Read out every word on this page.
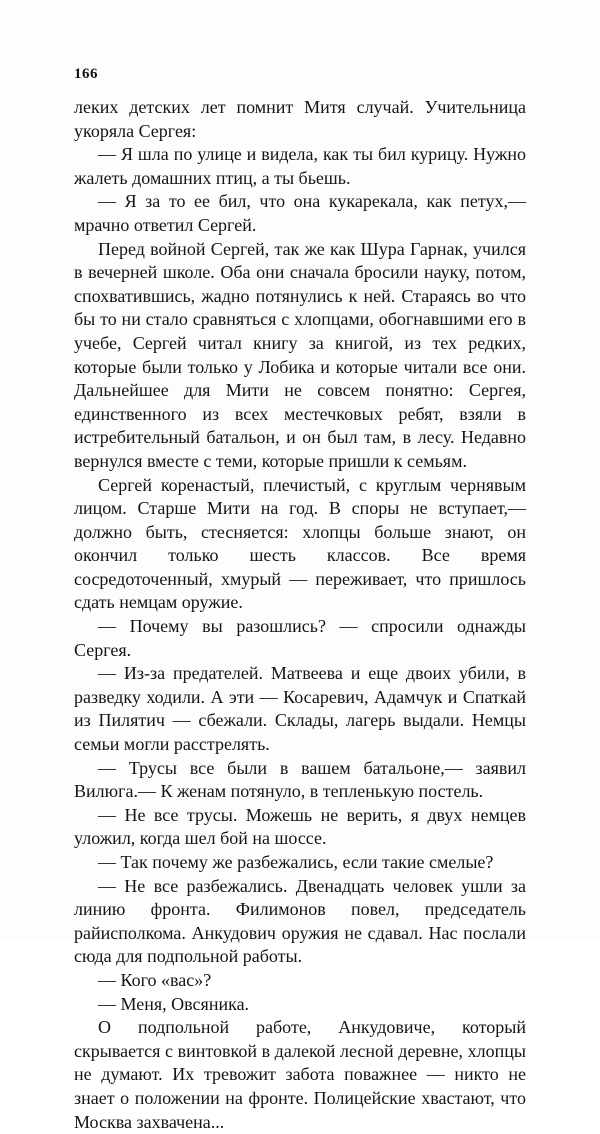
166

леких детских лет помнит Митя случай. Учительница укоряла Сергея:

— Я шла по улице и видела, как ты бил курицу. Нужно жалеть домашних птиц, а ты бьешь.

— Я за то ее бил, что она кукарекала, как петух,— мрачно ответил Сергей.

Перед войной Сергей, так же как Шура Гарнак, учился в вечерней школе. Оба они сначала бросили науку, потом, спохватившись, жадно потянулись к ней. Стараясь во что бы то ни стало сравняться с хлопцами, обогнавшими его в учебе, Сергей читал книгу за книгой, из тех редких, которые были только у Лобика и которые читали все они. Дальнейшее для Мити не совсем понятно: Сергея, единственного из всех местечковых ребят, взяли в истребительный батальон, и он был там, в лесу. Недавно вернулся вместе с теми, которые пришли к семьям.

Сергей коренастый, плечистый, с круглым чернявым лицом. Старше Мити на год. В споры не вступает,— должно быть, стесняется: хлопцы больше знают, он окончил только шесть классов. Все время сосредоточенный, хмурый — переживает, что пришлось сдать немцам оружие.

— Почему вы разошлись? — спросили однажды Сергея.

— Из-за предателей. Матвеева и еще двоих убили, в разведку ходили. А эти — Косаревич, Адамчук и Спаткай из Пилятич — сбежали. Склады, лагерь выдали. Немцы семьи могли расстрелять.

— Трусы все были в вашем батальоне,— заявил Вилюга.— К женам потянуло, в тепленькую постель.

— Не все трусы. Можешь не верить, я двух немцев уложил, когда шел бой на шоссе.

— Так почему же разбежались, если такие смелые?

— Не все разбежались. Двенадцать человек ушли за линию фронта. Филимонов повел, председатель райисполкома. Анкудович оружия не сдавал. Нас послали сюда для подпольной работы.

— Кого «вас»?

— Меня, Овсяника.

О подпольной работе, Анкудовиче, который скрывается с винтовкой в далекой лесной деревне, хлопцы не думают. Их тревожит забота поважнее — никто не знает о положении на фронте. Полицейские хвастают, что Москва захвачена...
